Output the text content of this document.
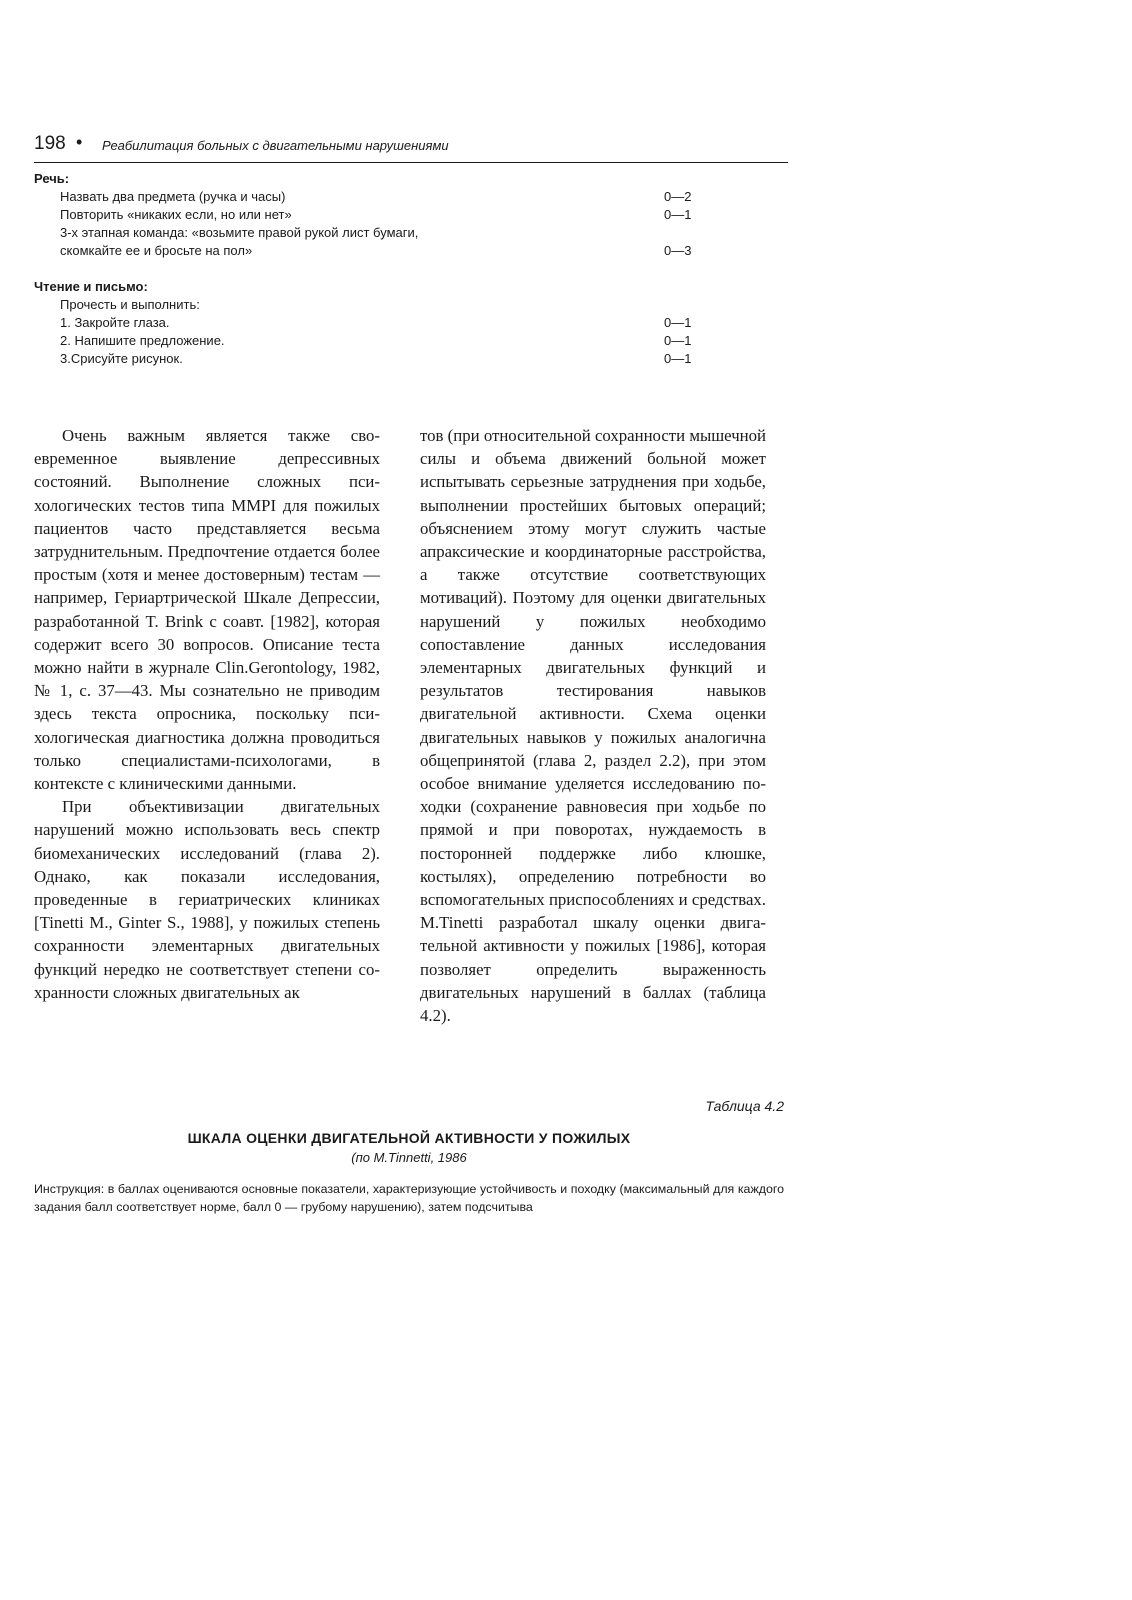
198 • Реабилитация больных с двигательными нарушениями
Речь:
Назвать два предмета (ручка и часы)	0—2
Повторить «никаких если, но или нет»	0—1
3-х этапная команда: «возьмите правой рукой лист бумаги, скомкайте ее и бросьте на пол»	0—3
Чтение и письмо:
Прочесть и выполнить:
1. Закройте глаза.	0—1
2. Напишите предложение.	0—1
3.Срисуйте рисунок.	0—1

Очень важным является также своевременное выявление депрессивных состояний. Выполнение сложных психологических тестов типа MMPI для пожилых пациентов часто представляется весьма затруднительным. Предпочтение отдается более простым (хотя и менее достоверным) тестам — например, Гериартрической Шкале Депрессии, разработанной T. Brink с соавт. [1982], которая содержит всего 30 вопросов. Описание теста можно найти в журнале Clin.Gerontology, 1982, № 1, с. 37—43. Мы сознательно не приводим здесь текста опросника, поскольку психологическая диагностика должна проводиться только специалистами-психологами, в контексте с клиническими данными.

При объективизации двигательных нарушений можно использовать весь спектр биомеханических исследований (глава 2). Однако, как показали исследования, проведенные в гериатрических клиниках [Tinetti M., Ginter S., 1988], у пожилых степень сохранности элементарных двигательных функций нередко не соответствует степени сохранности сложных двигательных ак

тов (при относительной сохранности мышечной силы и объема движений больной может испытывать серьезные затруднения при ходьбе, выполнении простейших бытовых операций; объяснением этому могут служить частые апраксические и координаторные расстройства, а также отсутствие соответствующих мотиваций). Поэтому для оценки двигательных нарушений у пожилых необходимо сопоставление данных исследования элементарных двигательных функций и результатов тестирования навыков двигательной активности. Схема оценки двигательных навыков у пожилых аналогична общепринятой (глава 2, раздел 2.2), при этом особое внимание уделяется исследованию походки (сохранение равновесия при ходьбе по прямой и при поворотах, нуждаемость в посторонней поддержке либо клюшке, костылях), определению потребности во вспомогательных приспособлениях и средствах. M.Tinetti разработал шкалу оценки двигательной активности у пожилых [1986], которая позволяет определить выраженность двигательных нарушений в баллах (таблица 4.2).

Таблица 4.2
ШКАЛА ОЦЕНКИ ДВИГАТЕЛЬНОЙ АКТИВНОСТИ У ПОЖИЛЫХ
(по M.Tinnetti, 1986
Инструкция: в баллах оцениваются основные показатели, характеризующие устойчивость и походку (максимальный для каждого задания балл соответствует норме, балл 0 — грубому нарушению), затем подсчитыва
